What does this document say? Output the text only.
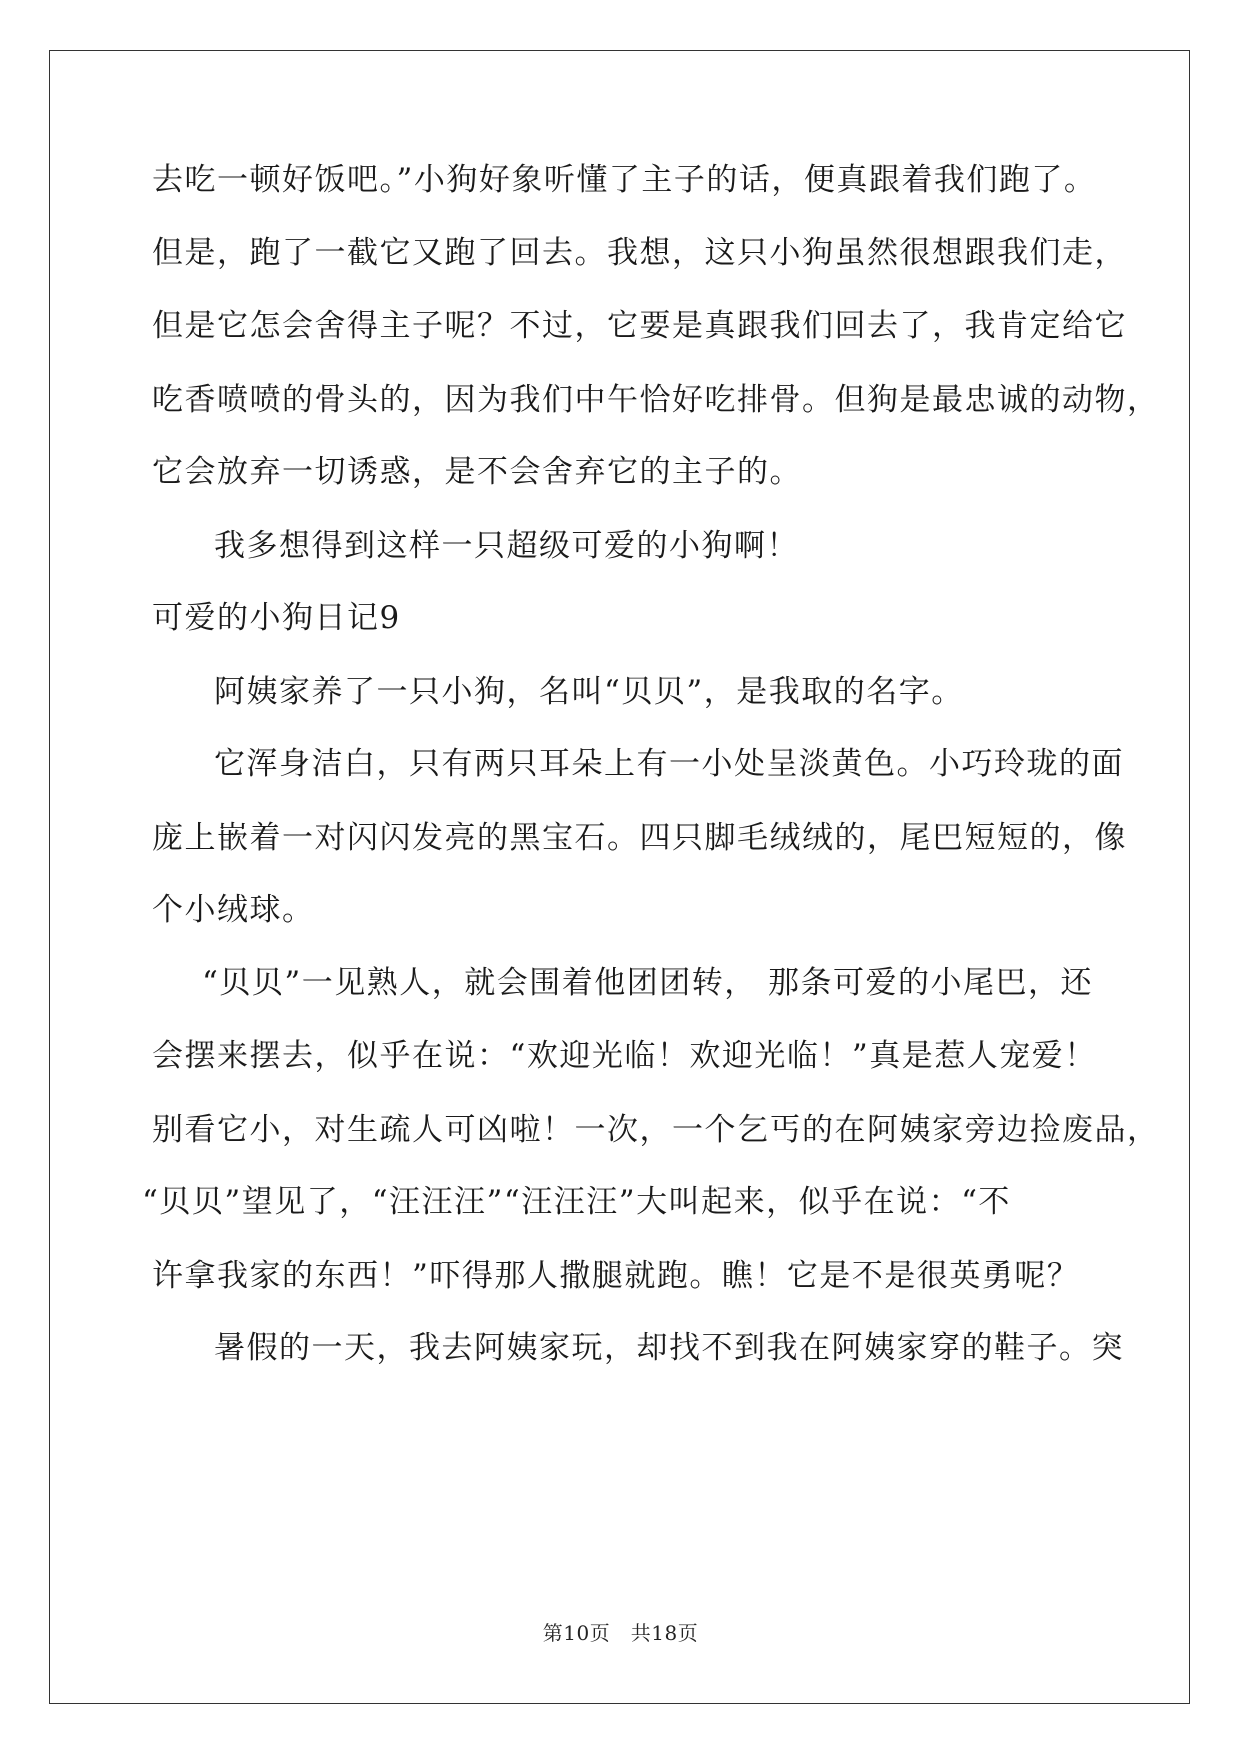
去吃一顿好饭吧。”小狗好象听懂了主子的话，便真跟着我们跑了。
但是，跑了一截它又跑了回去。我想，这只小狗虽然很想跟我们走，
但是它怎会舍得主子呢？不过，它要是真跟我们回去了，我肯定给它
吃香喷喷的骨头的，因为我们中午恰好吃排骨。但狗是最忠诚的动物，
它会放弃一切诱惑，是不会舍弃它的主子的。
我多想得到这样一只超级可爱的小狗啊！
可爱的小狗日记9
阿姨家养了一只小狗，名叫“贝贝”，是我取的名字。
它浑身洁白，只有两只耳朵上有一小处呈淡黄色。小巧玲珑的面
庞上嵌着一对闪闪发亮的黑宝石。四只脚毛绒绒的，尾巴短短的，像
个小绒球。
“贝贝”一见熟人，就会围着他团团转， 那条可爱的小尾巴，还
会摆来摆去，似乎在说：“欢迎光临！欢迎光临！”真是惹人宠爱！
别看它小，对生疏人可凶啦！一次，一个乞丐的在阿姨家旁边捡废品，
“贝贝”望见了，“汪汪汪”“汪汪汪”大叫起来，似乎在说：“不
许拿我家的东西！”吓得那人撒腿就跑。瞧！它是不是很英勇呢？
暑假的一天，我去阿姨家玩，却找不到我在阿姨家穿的鞋子。突
第10页　共18页
